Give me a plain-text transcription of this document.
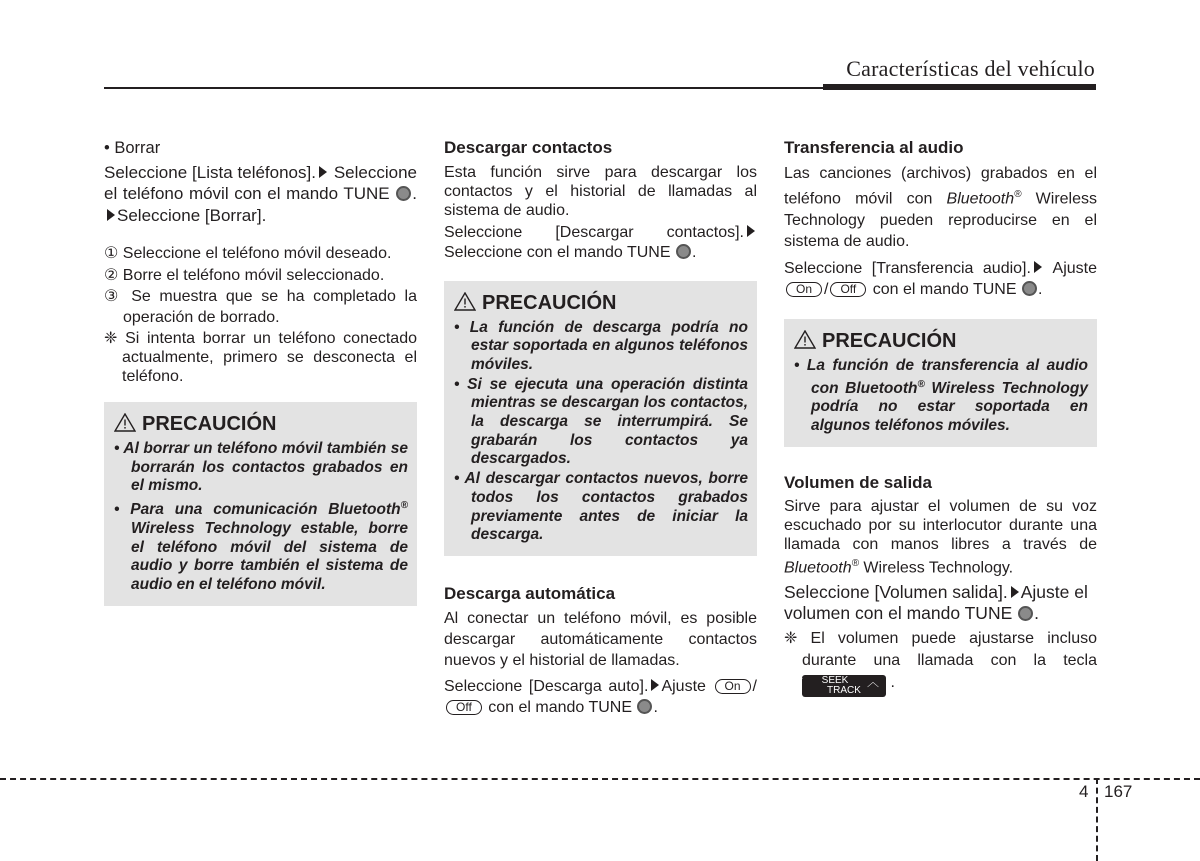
Características del vehículo
• Borrar
Seleccione [Lista teléfonos]. Seleccione el teléfono móvil con el mando TUNE .Seleccione [Borrar].
① Seleccione el teléfono móvil deseado.
② Borre el teléfono móvil seleccionado.
③ Se muestra que se ha completado la operación de borrado.
❈ Si intenta borrar un teléfono conectado actualmente, primero se desconecta el teléfono.
PRECAUCIÓN
• Al borrar un teléfono móvil también se borrarán los contactos grabados en el mismo.
• Para una comunicación Bluetooth® Wireless Technology estable, borre el teléfono móvil del sistema de audio y borre también el sistema de audio en el teléfono móvil.
Descargar contactos
Esta función sirve para descargar los contactos y el historial de llamadas al sistema de audio.
Seleccione [Descargar contactos]. Seleccione con el mando TUNE .
PRECAUCIÓN
• La función de descarga podría no estar soportada en algunos teléfonos móviles.
• Si se ejecuta una operación distinta mientras se descargan los contactos, la descarga se interrumpirá. Se grabarán los contactos ya descargados.
• Al descargar contactos nuevos, borre todos los contactos grabados previamente antes de iniciar la descarga.
Descarga automática
Al conectar un teléfono móvil, es posible descargar automáticamente contactos nuevos y el historial de llamadas.
Seleccione [Descarga auto]. Ajuste On /Off con el mando TUNE .
Transferencia al audio
Las canciones (archivos) grabados en el teléfono móvil con Bluetooth® Wireless Technology pueden reproducirse en el sistema de audio.
Seleccione [Transferencia audio]. Ajuste On / Off con el mando TUNE .
PRECAUCIÓN
• La función de transferencia al audio con Bluetooth® Wireless Technology podría no estar soportada en algunos teléfonos móviles.
Volumen de salida
Sirve para ajustar el volumen de su voz escuchado por su interlocutor durante una llamada con manos libres a través de Bluetooth® Wireless Technology.
Seleccione [Volumen salida]. Ajuste el volumen con el mando TUNE .
❈ El volumen puede ajustarse incluso durante una llamada con la tecla
﹀	SEEK
TRACK
︿ .
4 167
